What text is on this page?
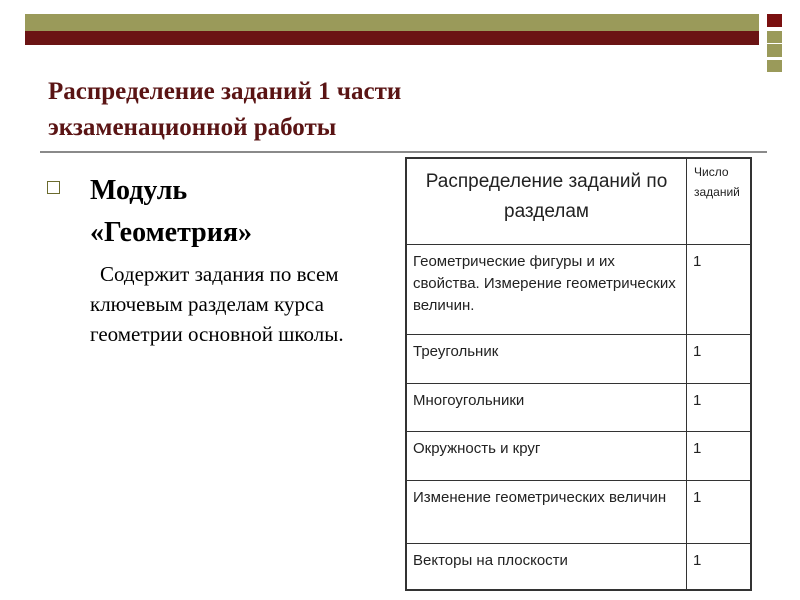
Распределение заданий 1 части
экзаменационной работы
Модуль
«Геометрия»
Содержит задания по всем ключевым разделам курса геометрии основной школы.
Распределение заданий по разделам	Число заданий
Геометрические фигуры и их свойства. Измерение геометрических величин.	1
Треугольник	1
Многоугольники	1
Окружность и круг	1
Изменение геометрических величин	1
Векторы на плоскости	1
